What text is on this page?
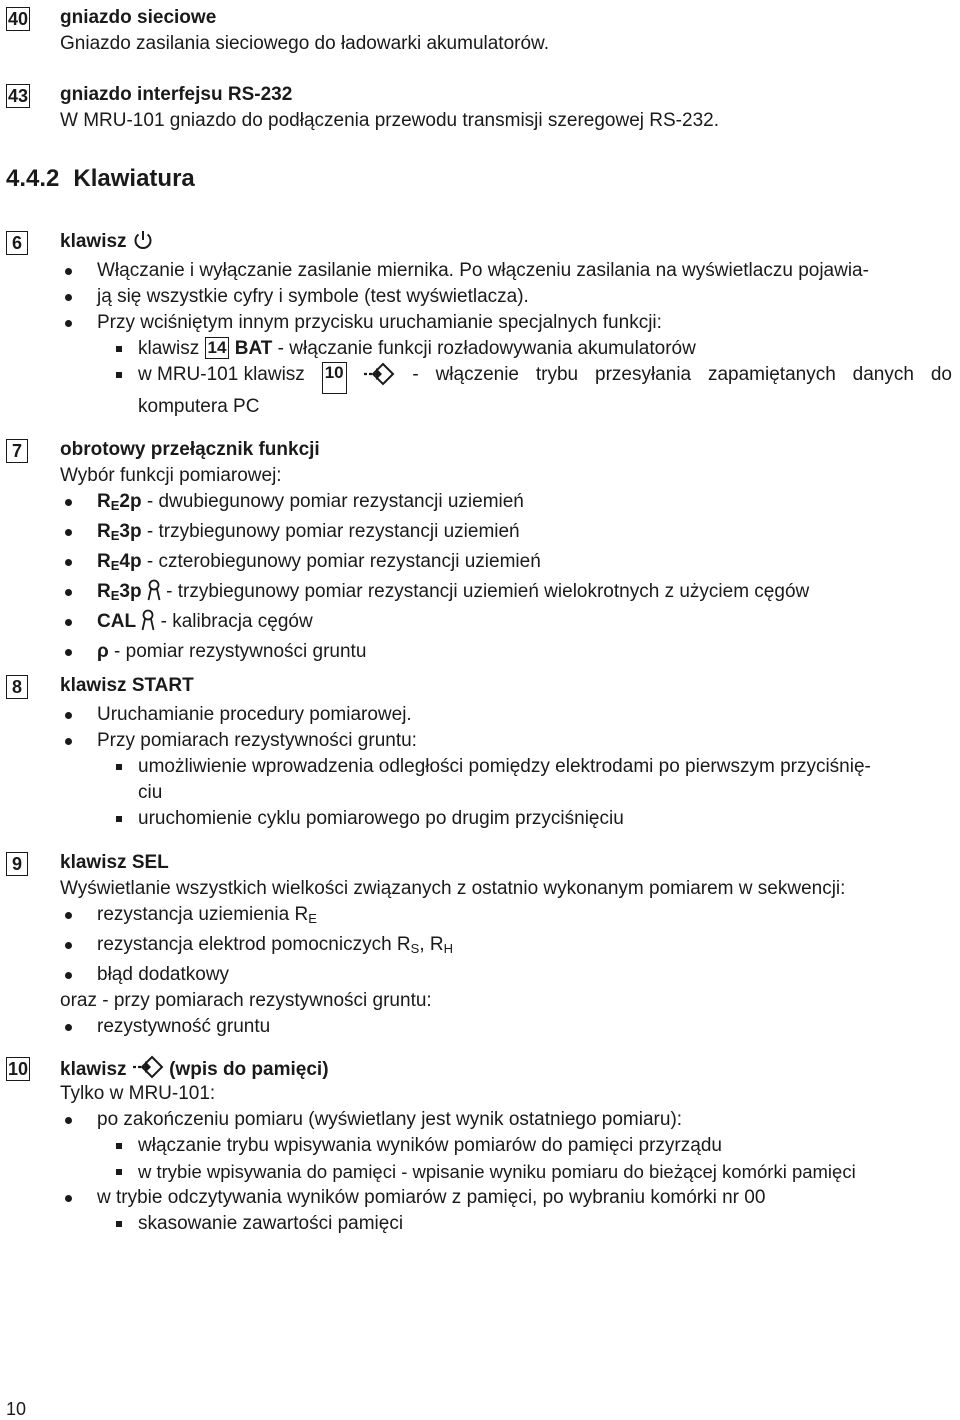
40 gniazdo sieciowe
Gniazdo zasilania sieciowego do ładowarki akumulatorów.
43 gniazdo interfejsu RS-232
W MRU-101 gniazdo do podłączenia przewodu transmisji szeregowej RS-232.
4.4.2 Klawiatura
6	klawisz
Włączanie i wyłączanie zasilanie miernika. Po włączeniu zasilania na wyświetlaczu pojawia-
ją się wszystkie cyfry i symbole (test wyświetlacza).
Przy wciśniętym innym przycisku uruchamianie specjalnych funkcji:
klawisz 14 BAT - włączanie funkcji rozładowywania akumulatorów
w MRU-101 klawisz 10	- włączenie trybu przesyłania zapamiętanych danych do
komputera PC
7	obrotowy przełącznik funkcji
Wybór funkcji pomiarowej:
$R_E2p$ - dwubiegunowy pomiar rezystancji uziemień
$R_E3p$ - trzybiegunowy pomiar rezystancji uziemień
$R_E4p$ - czterobiegunowy pomiar rezystancji uziemień
$R_E3p$  - trzybiegunowy pomiar rezystancji uziemień wielokrotnych z użyciem cęgów
CAL  - kalibracja cęgów
ρ - pomiar rezystywności gruntu
8	klawisz START
Uruchamianie procedury pomiarowej.
Przy pomiarach rezystywności gruntu:
umożliwienie wprowadzenia odległości pomiędzy elektrodami po pierwszym przyciśnię-
ciu
uruchomienie cyklu pomiarowego po drugim przyciśnięciu
9	klawisz SEL
Wyświetlanie wszystkich wielkości związanych z ostatnio wykonanym pomiarem w sekwencji:
rezystancja uziemienia $R_E$
rezystancja elektrod pomocniczych $R_S$, $R_H$
błąd dodatkowy
oraz - przy pomiarach rezystywności gruntu:
rezystywność gruntu
10 klawisz (wpis do pamięci)
Tylko w MRU-101:
po zakończeniu pomiaru (wyświetlany jest wynik ostatniego pomiaru):
włączanie trybu wpisywania wyników pomiarów do pamięci przyrządu
w trybie wpisywania do pamięci - wpisanie wyniku pomiaru do bieżącej komórki pamięci
w trybie odczytywania wyników pomiarów z pamięci, po wybraniu komórki nr 00
skasowanie zawartości pamięci
10
